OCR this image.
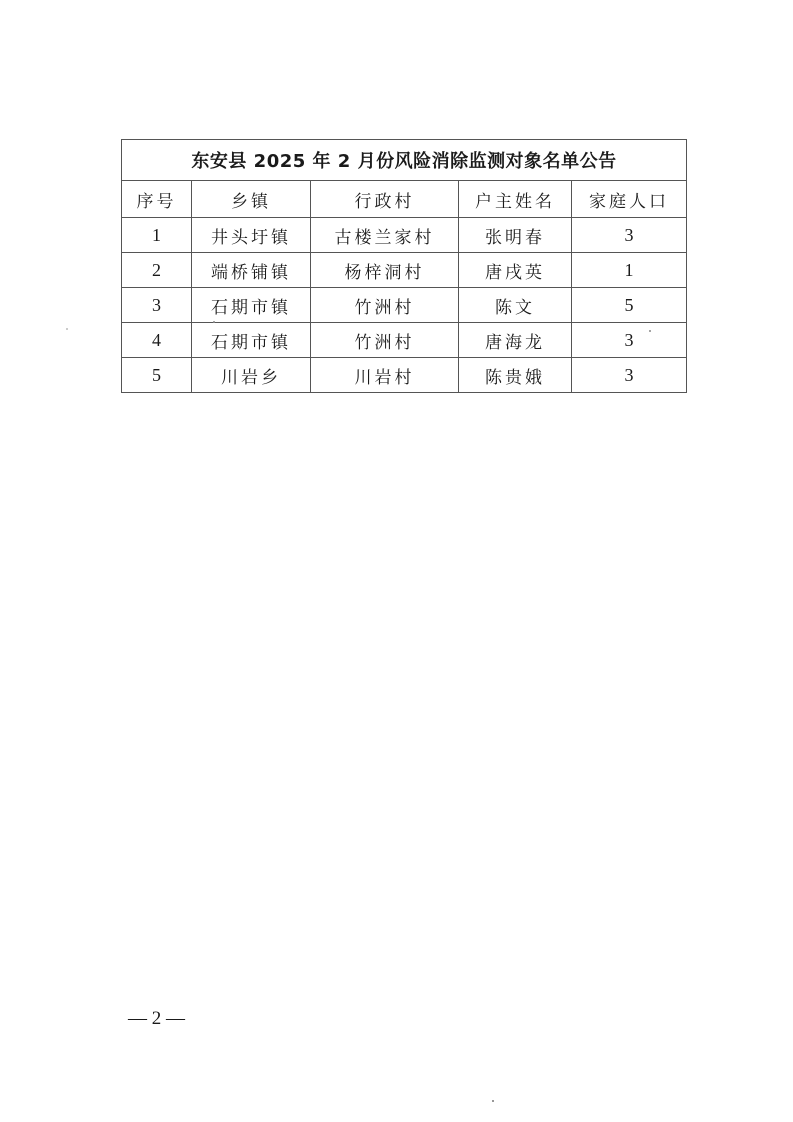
东安县 2025 年 2 月份风险消除监测对象名单公告				
序号	乡镇	行政村	户主姓名	家庭人口
1	井头圩镇	古楼兰家村	张明春	3
2	端桥铺镇	杨梓洞村	唐戌英	1
3	石期市镇	竹洲村	陈文	5
4	石期市镇	竹洲村	唐海龙	3
5	川岩乡	川岩村	陈贵娥	3
— 2 —
